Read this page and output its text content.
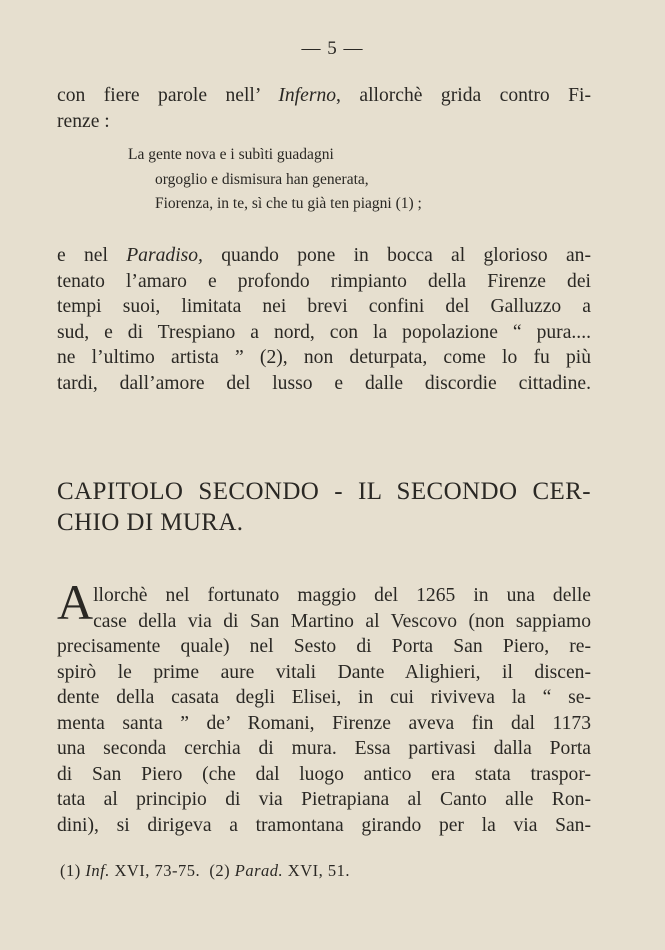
— 5 —
con fiere parole nell’ Inferno, allorchè grida contro Fi-
renze :
La gente nova e i subìti guadagni
orgoglio e dismisura han generata,
Fiorenza, in te, sì che tu già ten piagni (1) ;
e nel Paradiso, quando pone in bocca al glorioso an-
tenato l’amaro e profondo rimpianto della Firenze dei
tempi suoi, limitata nei brevi confini del Galluzzo a
sud, e di Trespiano a nord, con la popolazione “ pura....
ne l’ultimo artista ” (2), non deturpata, come lo fu più
tardi, dall’amore del lusso e dalle discordie cittadine.
CAPITOLO SECONDO - IL SECONDO CER-
CHIO DI MURA.
Allorchè nel fortunato maggio del 1265 in una delle
case della via di San Martino al Vescovo (non sappiamo
precisamente quale) nel Sesto di Porta San Piero, re-
spirò le prime aure vitali Dante Alighieri, il discen-
dente della casata degli Elisei, in cui riviveva la “ se-
menta santa ” de’ Romani, Firenze aveva fin dal 1173
una seconda cerchia di mura. Essa partivasi dalla Porta
di San Piero (che dal luogo antico era stata traspor-
tata al principio di via Pietrapiana al Canto alle Ron-
dini), si dirigeva a tramontana girando per la via San-
(1) Inf. XVI, 73-75.  (2) Parad. XVI, 51.
